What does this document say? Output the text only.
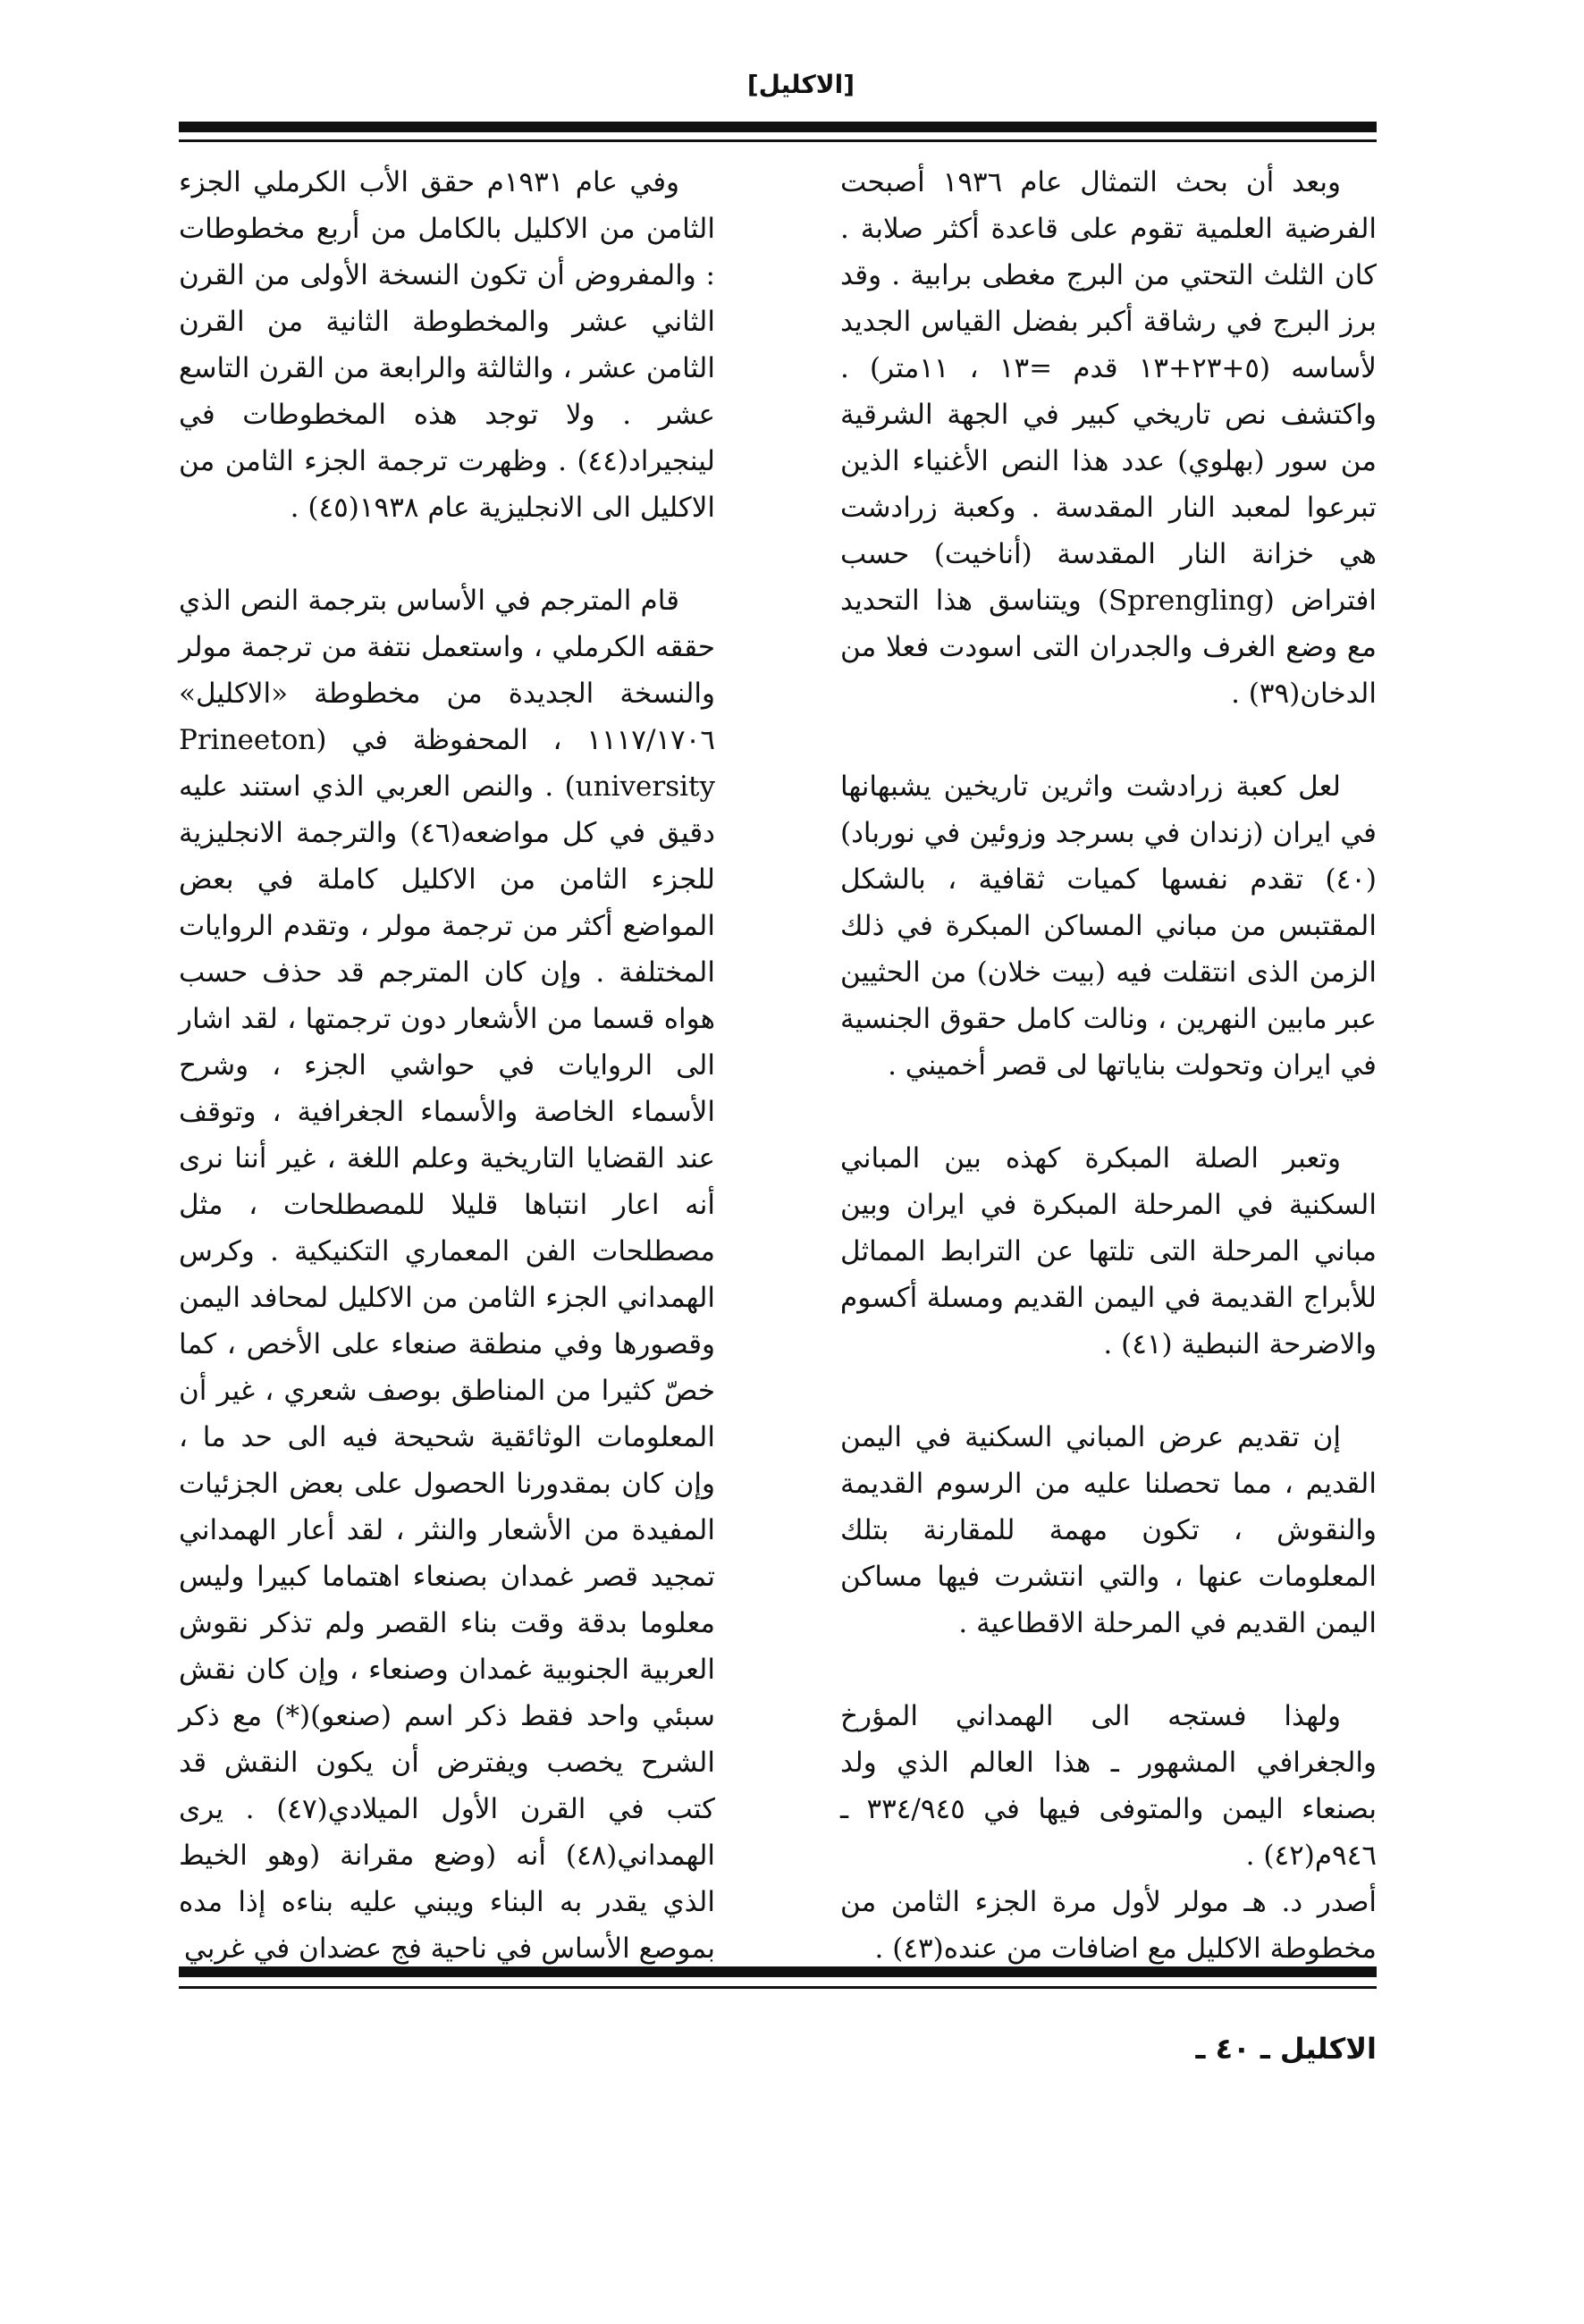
[الاكليل]

وبعد أن بحث التمثال عام ١٩٣٦ أصبحت الفرضية العلمية تقوم على قاعدة أكثر صلابة . كان الثلث التحتي من البرج مغطى برابية . وقد برز البرج في رشاقة أكبر بفضل القياس الجديد لأساسه (٥+٢٣+١٣ قدم =١٣ ، ١١متر) . واكتشف نص تاريخي كبير في الجهة الشرقية من سور (بهلوي) عدد هذا النص الأغنياء الذين تبرعوا لمعبد النار المقدسة . وكعبة زرادشت هي خزانة النار المقدسة (أناخيت) حسب افتراض (Sprengling) ويتناسق هذا التحديد مع وضع الغرف والجدران التى اسودت فعلا من الدخان(٣٩) .

لعل كعبة زرادشت واثرين تاريخين يشبهانها في ايران (زندان في بسرجد وزوئين في نورباد)(٤٠) تقدم نفسها كميات ثقافية ، بالشكل المقتبس من مباني المساكن المبكرة في ذلك الزمن الذى انتقلت فيه (بيت خلان) من الحثيين عبر مابين النهرين ، ونالت كامل حقوق الجنسية في ايران وتحولت بناياتها لى قصر أخميني .

وتعبر الصلة المبكرة كهذه بين المباني السكنية في المرحلة المبكرة في ايران وبين مباني المرحلة التى تلتها عن الترابط المماثل للأبراج القديمة في اليمن القديم ومسلة أكسوم والاضرحة النبطية (٤١) .

إن تقديم عرض المباني السكنية في اليمن القديم ، مما تحصلنا عليه من الرسوم القديمة والنقوش ، تكون مهمة للمقارنة بتلك المعلومات عنها ، والتي انتشرت فيها مساكن اليمن القديم في المرحلة الاقطاعية .

ولهذا فستجه الى الهمداني المؤرخ والجغرافي المشهور ـ هذا العالم الذي ولد بصنعاء اليمن والمتوفى فيها في ٣٣٤/٩٤٥ ـ ٩٤٦م(٤٢) .

أصدر د. هـ مولر لأول مرة الجزء الثامن من مخطوطة الاكليل مع اضافات من عنده(٤٣) .

وفي عام ١٩٣١م حقق الأب الكرملي الجزء الثامن من الاكليل بالكامل من أربع مخطوطات : والمفروض أن تكون النسخة الأولى من القرن الثاني عشر والمخطوطة الثانية من القرن الثامن عشر ، والثالثة والرابعة من القرن التاسع عشر . ولا توجد هذه المخطوطات في لينجيراد(٤٤) . وظهرت ترجمة الجزء الثامن من الاكليل الى الانجليزية عام ١٩٣٨(٤٥) .

قام المترجم في الأساس بترجمة النص الذي حققه الكرملي ، واستعمل نتفة من ترجمة مولر والنسخة الجديدة من مخطوطة «الاكليل» ١١١٧/١٧٠٦ ، المحفوظة في (Prineeton university) . والنص العربي الذي استند عليه دقيق في كل مواضعه(٤٦) والترجمة الانجليزية للجزء الثامن من الاكليل كاملة في بعض المواضع أكثر من ترجمة مولر ، وتقدم الروايات المختلفة . وإن كان المترجم قد حذف حسب هواه قسما من الأشعار دون ترجمتها ، لقد اشار الى الروايات في حواشي الجزء ، وشرح الأسماء الخاصة والأسماء الجغرافية ، وتوقف عند القضايا التاريخية وعلم اللغة ، غير أننا نرى أنه اعار انتباها قليلا للمصطلحات ، مثل مصطلحات الفن المعماري التكنيكية . وكرس الهمداني الجزء الثامن من الاكليل لمحافد اليمن وقصورها وفي منطقة صنعاء على الأخص ، كما خصّ كثيرا من المناطق بوصف شعري ، غير أن المعلومات الوثائقية شحيحة فيه الى حد ما ، وإن كان بمقدورنا الحصول على بعض الجزئيات المفيدة من الأشعار والنثر ، لقد أعار الهمداني تمجيد قصر غمدان بصنعاء اهتماما كبيرا وليس معلوما بدقة وقت بناء القصر ولم تذكر نقوش العربية الجنوبية غمدان وصنعاء ، وإن كان نقش سبئي واحد فقط ذكر اسم (صنعو)(*) مع ذكر الشرح يخصب ويفترض أن يكون النقش قد كتب في القرن الأول الميلادي(٤٧) . يرى الهمداني(٤٨) أنه (وضع مقرانة (وهو الخيط الذي يقدر به البناء ويبني عليه بناءه إذا مده بموصع الأساس في ناحية فج عضدان في غربي

الاكليل ـ ٤٠ ـ
